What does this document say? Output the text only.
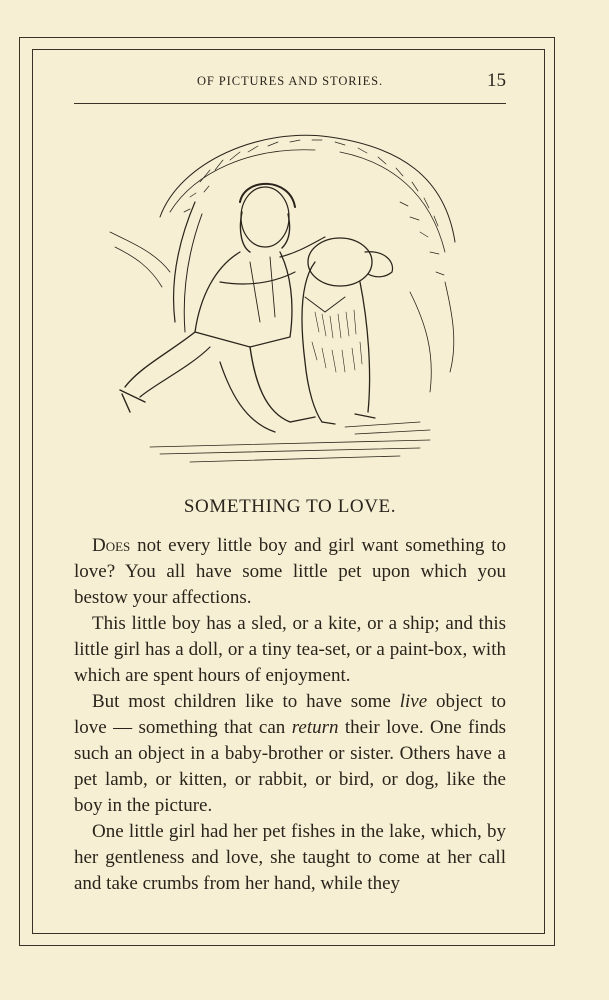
OF PICTURES AND STORIES.	15
SOMETHING TO LOVE.

Does not every little boy and girl want something to love? You all have some little pet upon which you bestow your affections.

This little boy has a sled, or a kite, or a ship; and this little girl has a doll, or a tiny tea-set, or a paint-box, with which are spent hours of enjoyment.

But most children like to have some live object to love — something that can return their love. One finds such an object in a baby-brother or sister. Others have a pet lamb, or kitten, or rabbit, or bird, or dog, like the boy in the picture.

One little girl had her pet fishes in the lake, which, by her gentleness and love, she taught to come at her call and take crumbs from her hand, while they
